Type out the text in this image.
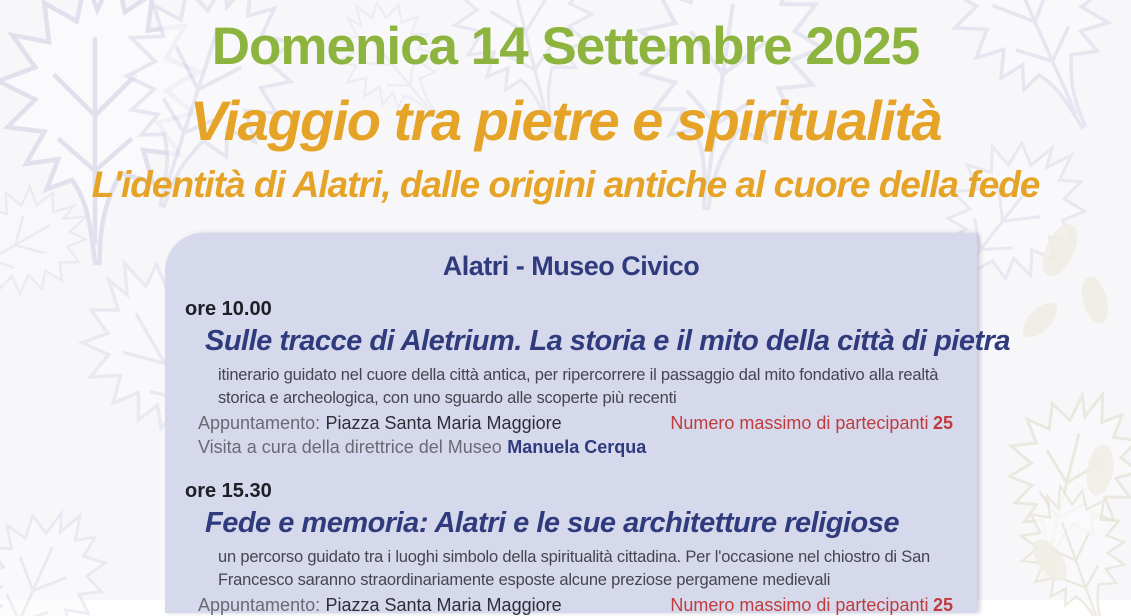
Domenica 14 Settembre 2025
Viaggio tra pietre e spiritualità
L'identità di Alatri, dalle origini antiche al cuore della fede
Alatri - Museo Civico
ore 10.00
Sulle tracce di Aletrium. La storia e il mito della città di pietra

itinerario guidato nel cuore della città antica, per ripercorrere il passaggio dal mito fondativo alla realtà storica e archeologica, con uno sguardo alle scoperte più recenti

Appuntamento: Piazza Santa Maria Maggiore	Numero massimo di partecipanti 25
Visita a cura della direttrice del Museo Manuela Cerqua
ore 15.30
Fede e memoria: Alatri e le sue architetture religiose

un percorso guidato tra i luoghi simbolo della spiritualità cittadina. Per l'occasione nel chiostro di San Francesco saranno straordinariamente esposte alcune preziose pergamene medievali

Appuntamento: Piazza Santa Maria Maggiore	Numero massimo di partecipanti 25
